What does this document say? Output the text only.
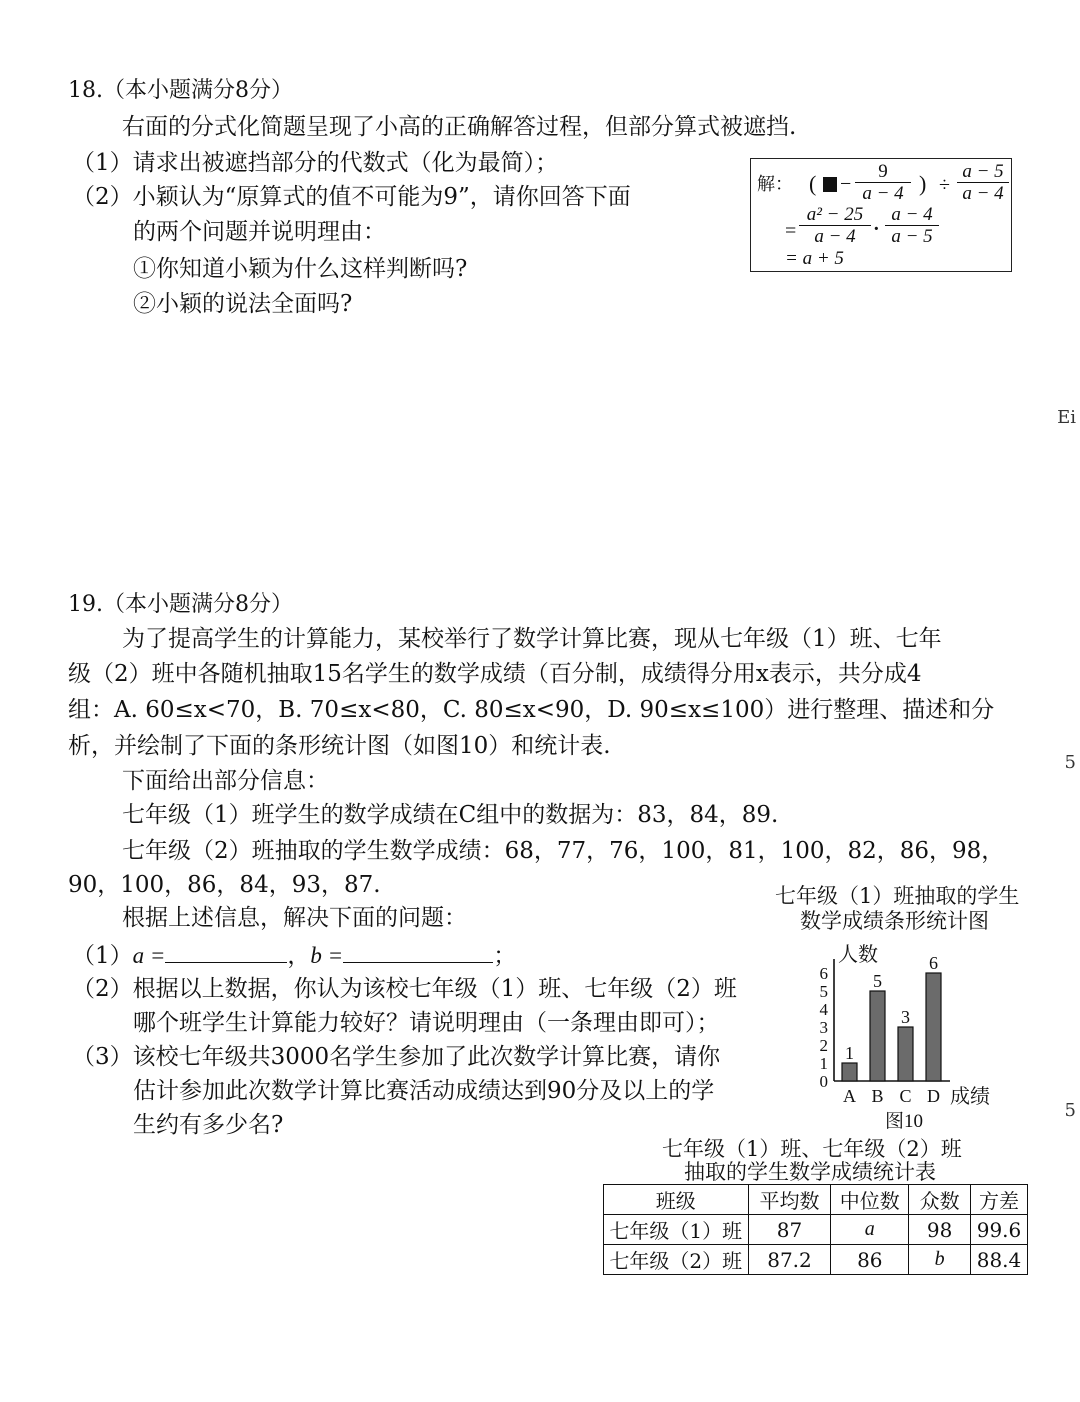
18.（本小题满分8分）
右面的分式化简题呈现了小高的正确解答过程，但部分算式被遮挡.
（1）请求出被遮挡部分的代数式（化为最简）；
（2）小颖认为“原算式的值不可能为9”，请你回答下面
的两个问题并说明理由：
①你知道小颖为什么这样判断吗?
②小颖的说法全面吗?
解： ( − $\frac{9}{a - 4}$ ) ÷ $\frac{a - 5}{a - 4}$
= $\frac{\text{a² − 25}}{a - 4} \cdot \frac{a - 4}{a - 5}$
= a + 5
Ei
5
5
19.（本小题满分8分）
为了提高学生的计算能力，某校举行了数学计算比赛，现从七年级（1）班、七年
级（2）班中各随机抽取15名学生的数学成绩（百分制，成绩得分用x表示，共分成4
组：A. 60≤x<70，B. 70≤x<80，C. 80≤x<90，D. 90≤x≤100）进行整理、描述和分
析，并绘制了下面的条形统计图（如图10）和统计表.
下面给出部分信息：
七年级（1）班学生的数学成绩在C组中的数据为：83，84，89.
七年级（2）班抽取的学生数学成绩：68，77，76，100，81，100，82，86，98，
90，100，86，84，93，87.
根据上述信息，解决下面的问题：
（1）a =	，b =	；
（2）根据以上数据，你认为该校七年级（1）班、七年级（2）班
哪个班学生计算能力较好？请说明理由（一条理由即可）；
（3）该校七年级共3000名学生参加了此次数学计算比赛，请你
估计参加此次数学计算比赛活动成绩达到90分及以上的学
生约有多少名?
七年级（1）班抽取的学生
数学成绩条形统计图
0
1
2
3
4
5
6
人数
成绩
1
A
5
B
3
C
6
D
图10
七年级（1）班、七年级（2）班
抽取的学生数学成绩统计表
班级	平均数	中位数	众数	方差
七年级（1）班	87	a	98	99.6
七年级（2）班	87.2	86	b	88.4
